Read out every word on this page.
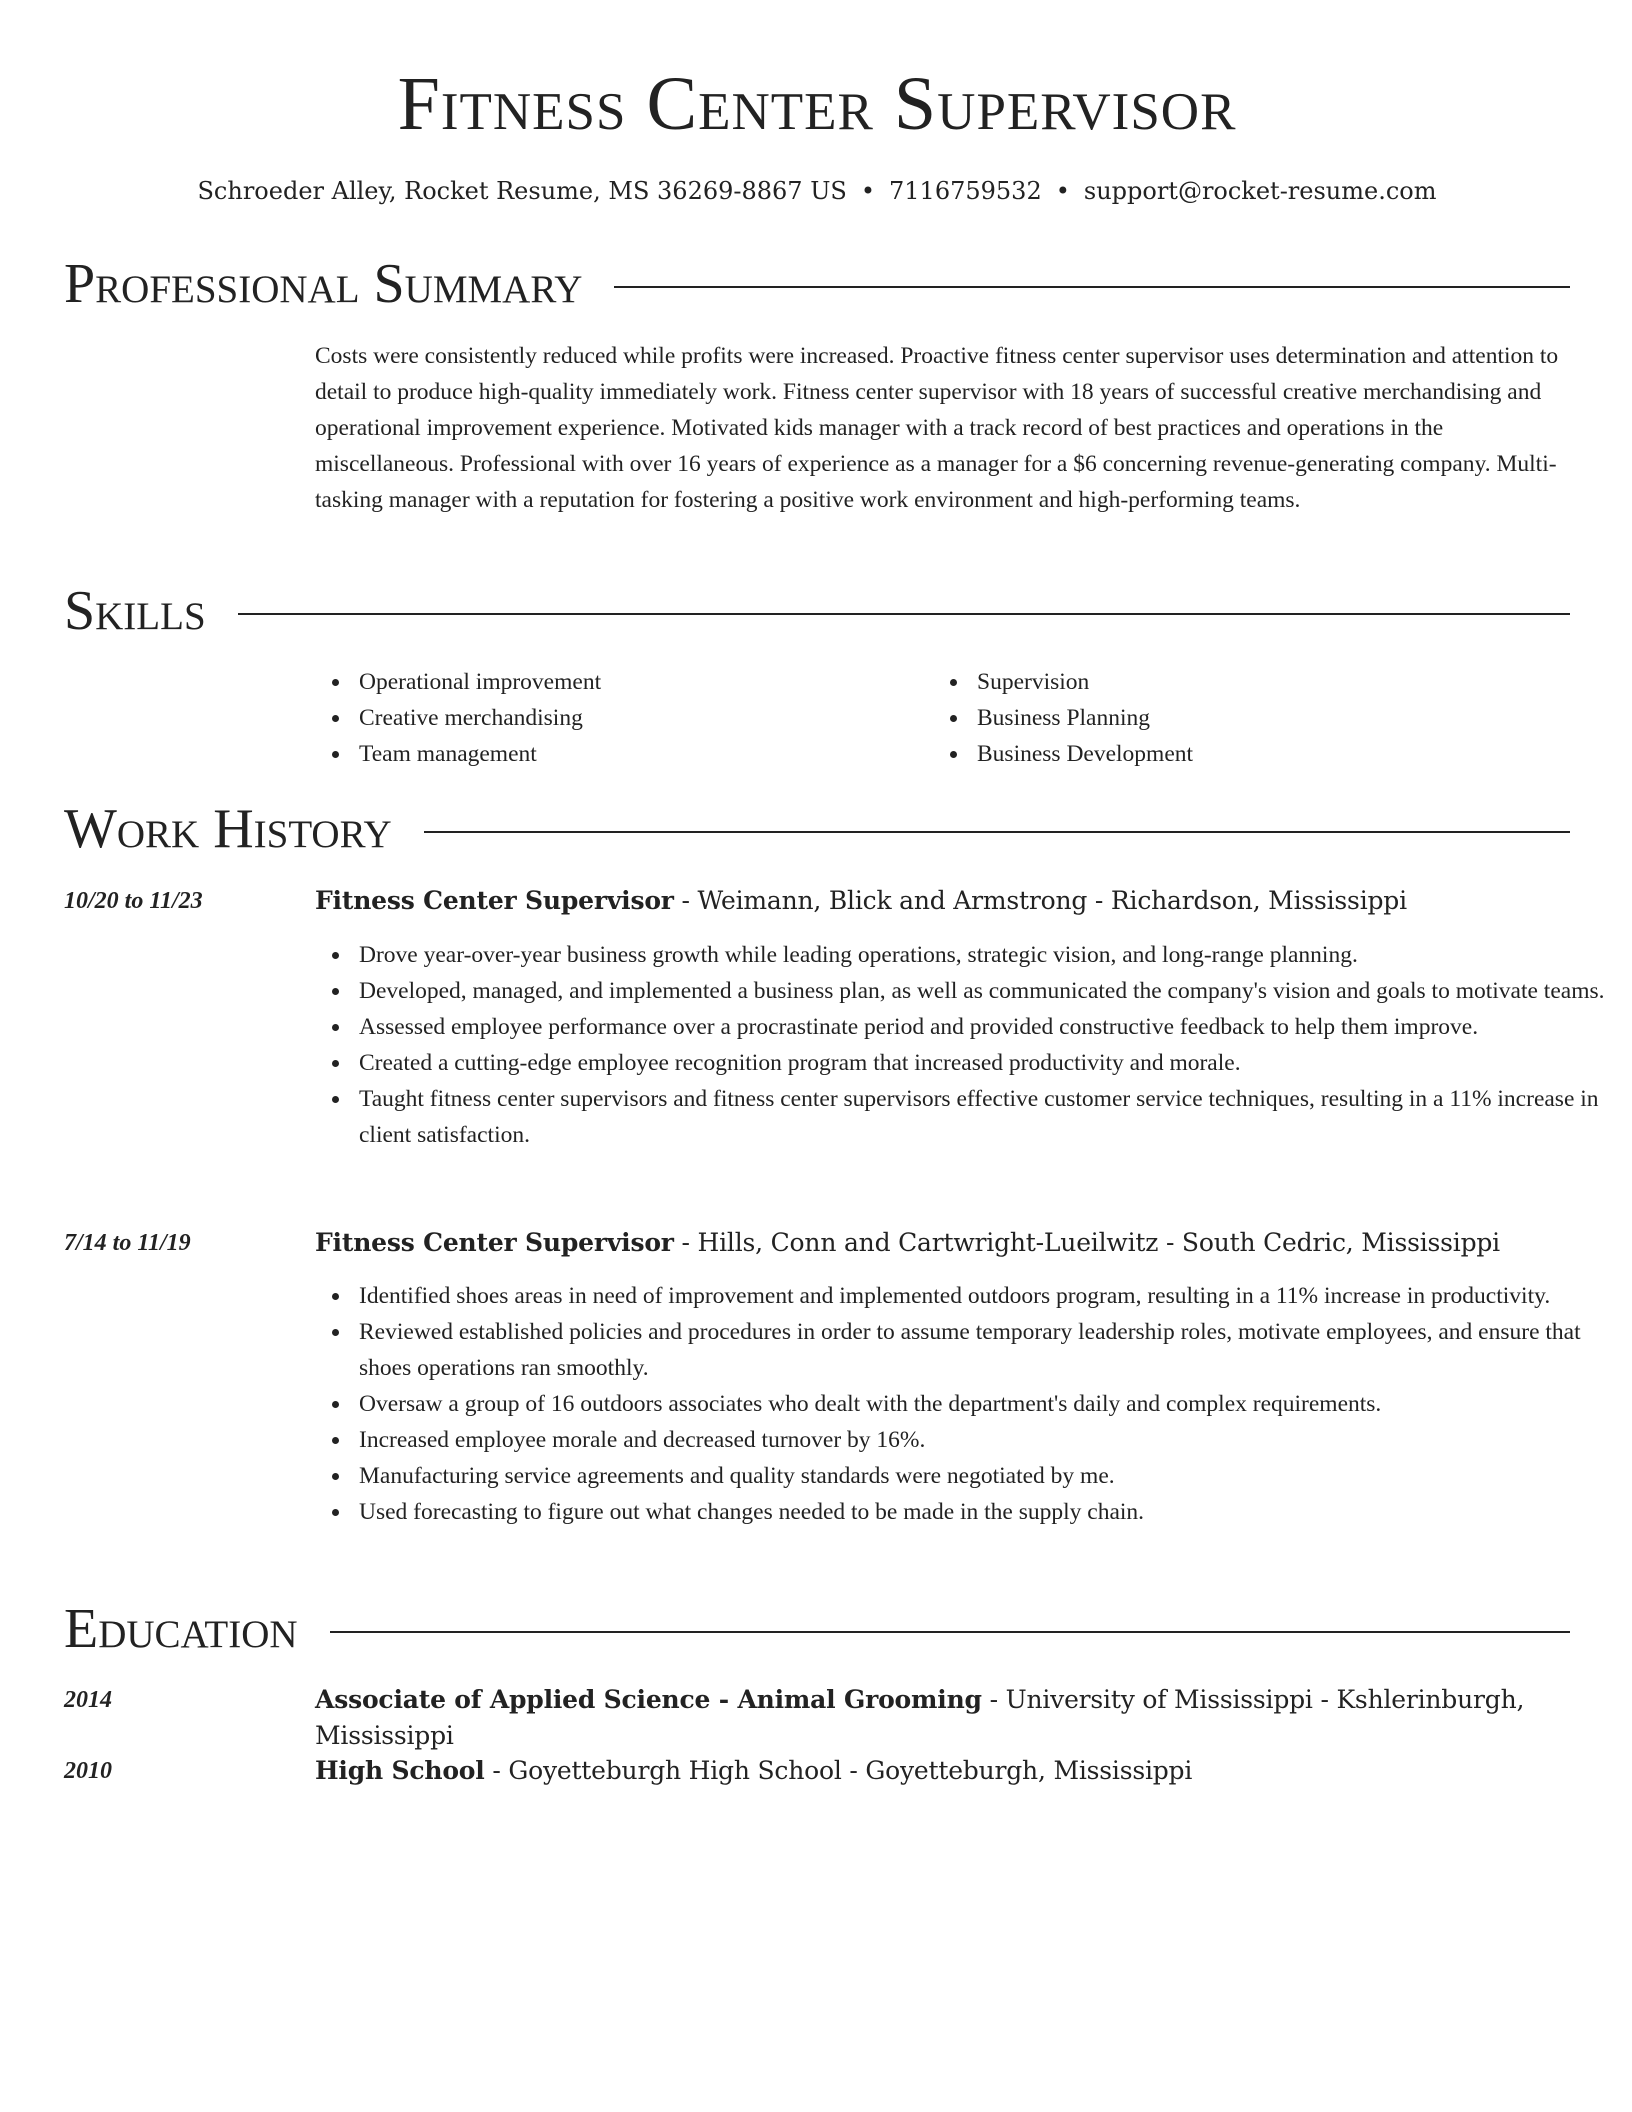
Fitness Center Supervisor
Schroeder Alley, Rocket Resume, MS 36269-8867 US • 7116759532 • support@rocket-resume.com
Professional Summary

Costs were consistently reduced while profits were increased. Proactive fitness center supervisor uses determination and attention to detail to produce high-quality immediately work. Fitness center supervisor with 18 years of successful creative merchandising and operational improvement experience. Motivated kids manager with a track record of best practices and operations in the miscellaneous. Professional with over 16 years of experience as a manager for a $6 concerning revenue-generating company. Multi-tasking manager with a reputation for fostering a positive work environment and high-performing teams.

Skills
Operational improvement
Creative merchandising
Team management
Supervision
Business Planning
Business Development
Work History
10/20 to 11/23	Fitness Center Supervisor - Weimann, Blick and Armstrong - Richardson, Mississippi
Drove year-over-year business growth while leading operations, strategic vision, and long-range planning.
Developed, managed, and implemented a business plan, as well as communicated the company's vision and goals to motivate teams.
Assessed employee performance over a procrastinate period and provided constructive feedback to help them improve.
Created a cutting-edge employee recognition program that increased productivity and morale.
Taught fitness center supervisors and fitness center supervisors effective customer service techniques, resulting in a 11% increase in client satisfaction.
7/14 to 11/19	Fitness Center Supervisor - Hills, Conn and Cartwright-Lueilwitz - South Cedric, Mississippi
Identified shoes areas in need of improvement and implemented outdoors program, resulting in a 11% increase in productivity.
Reviewed established policies and procedures in order to assume temporary leadership roles, motivate employees, and ensure that shoes operations ran smoothly.
Oversaw a group of 16 outdoors associates who dealt with the department's daily and complex requirements.
Increased employee morale and decreased turnover by 16%.
Manufacturing service agreements and quality standards were negotiated by me.
Used forecasting to figure out what changes needed to be made in the supply chain.
Education
2014	Associate of Applied Science - Animal Grooming - University of Mississippi - Kshlerinburgh, Mississippi
2010	High School - Goyetteburgh High School - Goyetteburgh, Mississippi
